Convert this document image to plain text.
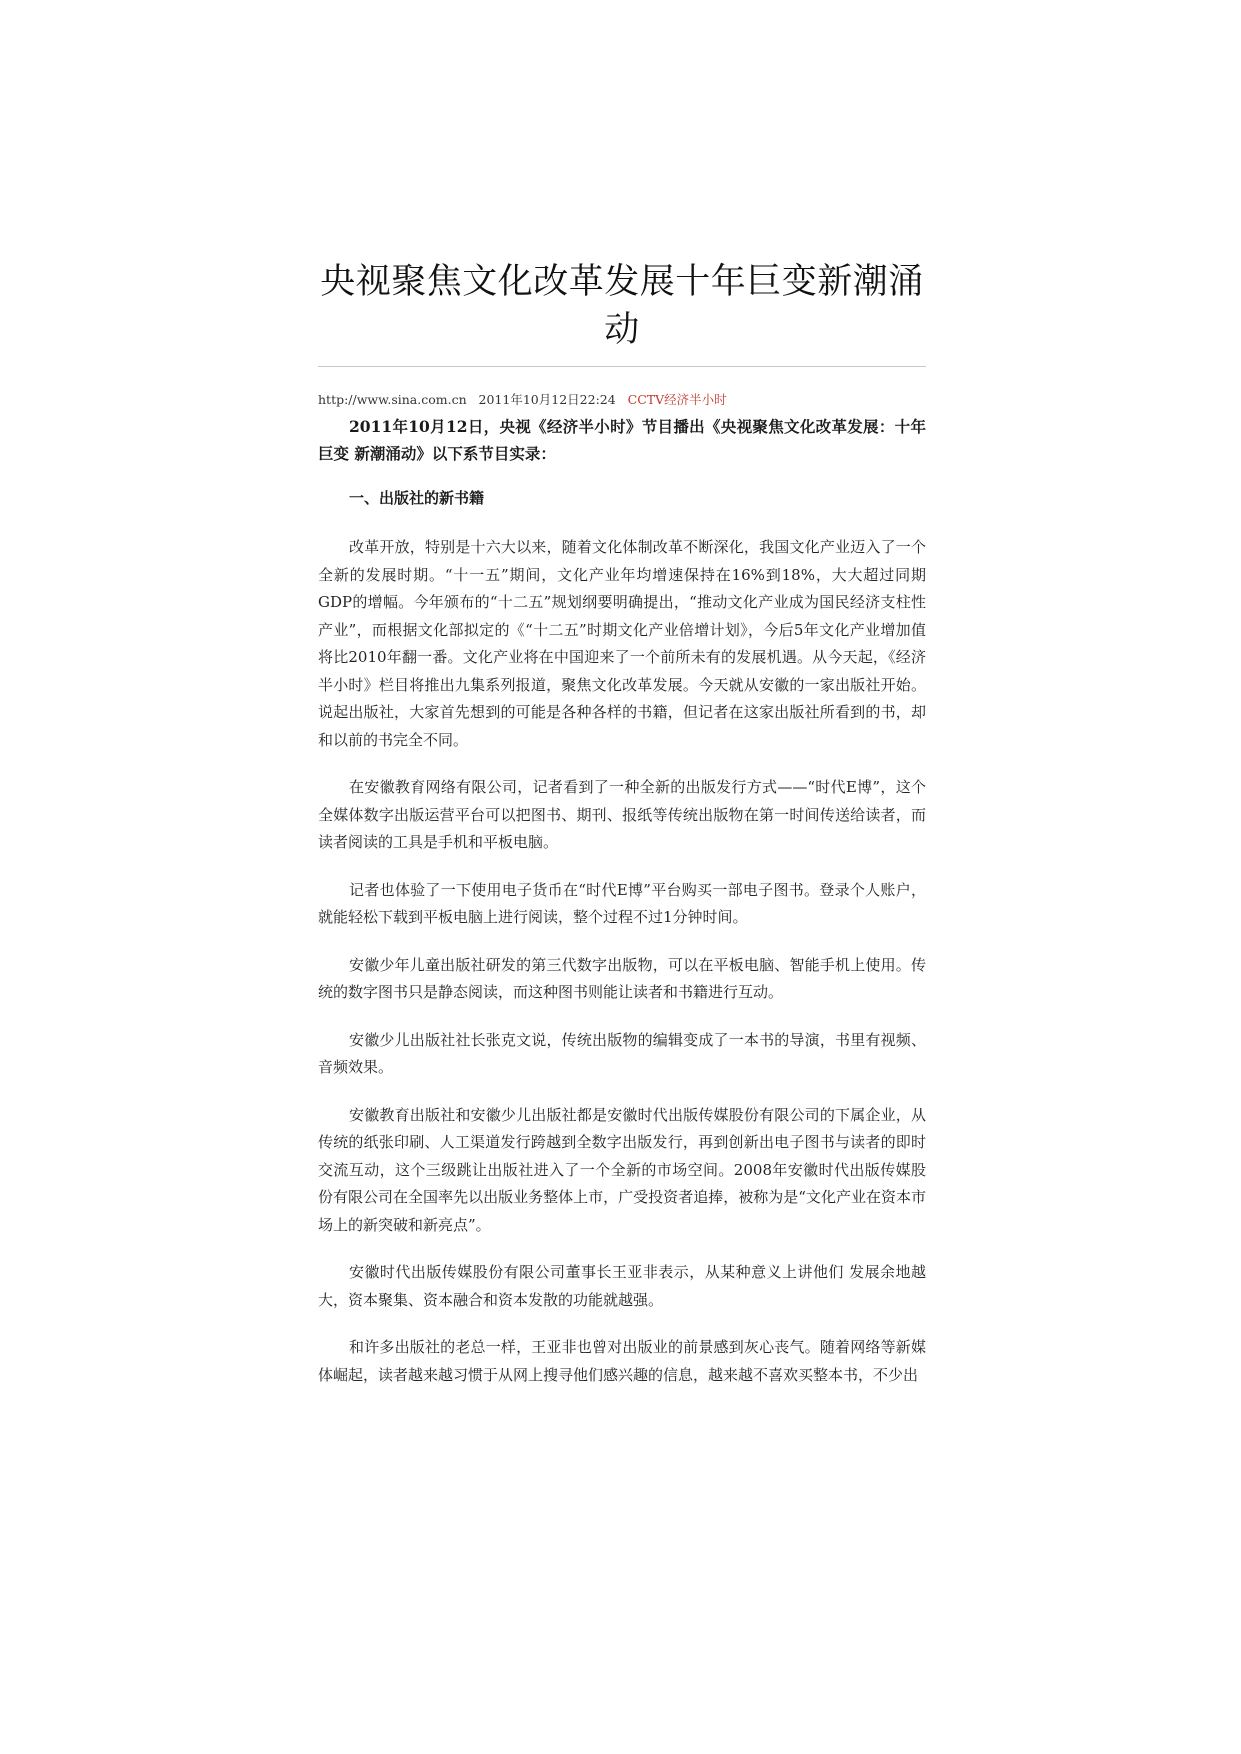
央视聚焦文化改革发展十年巨变新潮涌动
http://www.sina.com.cn 2011年10月12日22:24 CCTV经济半小时

2011年10月12日，央视《经济半小时》节目播出《央视聚焦文化改革发展：十年巨变 新潮涌动》以下系节目实录：

一、出版社的新书籍

改革开放，特别是十六大以来，随着文化体制改革不断深化，我国文化产业迈入了一个全新的发展时期。“十一五”期间，文化产业年均增速保持在16%到18%，大大超过同期GDP的增幅。今年颁布的“十二五”规划纲要明确提出，“推动文化产业成为国民经济支柱性产业”，而根据文化部拟定的《“十二五”时期文化产业倍增计划》，今后5年文化产业增加值将比2010年翻一番。文化产业将在中国迎来了一个前所未有的发展机遇。从今天起，《经济半小时》栏目将推出九集系列报道，聚焦文化改革发展。今天就从安徽的一家出版社开始。说起出版社，大家首先想到的可能是各种各样的书籍，但记者在这家出版社所看到的书，却和以前的书完全不同。

在安徽教育网络有限公司，记者看到了一种全新的出版发行方式——“时代E博”，这个全媒体数字出版运营平台可以把图书、期刊、报纸等传统出版物在第一时间传送给读者，而读者阅读的工具是手机和平板电脑。

记者也体验了一下使用电子货币在“时代E博”平台购买一部电子图书。登录个人账户，就能轻松下载到平板电脑上进行阅读，整个过程不过1分钟时间。

安徽少年儿童出版社研发的第三代数字出版物，可以在平板电脑、智能手机上使用。传统的数字图书只是静态阅读，而这种图书则能让读者和书籍进行互动。

安徽少儿出版社社长张克文说，传统出版物的编辑变成了一本书的导演，书里有视频、音频效果。

安徽教育出版社和安徽少儿出版社都是安徽时代出版传媒股份有限公司的下属企业，从传统的纸张印刷、人工渠道发行跨越到全数字出版发行，再到创新出电子图书与读者的即时交流互动，这个三级跳让出版社进入了一个全新的市场空间。2008年安徽时代出版传媒股份有限公司在全国率先以出版业务整体上市，广受投资者追捧，被称为是“文化产业在资本市场上的新突破和新亮点”。

安徽时代出版传媒股份有限公司董事长王亚非表示，从某种意义上讲他们 发展余地越大，资本聚集、资本融合和资本发散的功能就越强。

和许多出版社的老总一样，王亚非也曾对出版业的前景感到灰心丧气。随着网络等新媒体崛起，读者越来越习惯于从网上搜寻他们感兴趣的信息，越来越不喜欢买整本书，不少出
